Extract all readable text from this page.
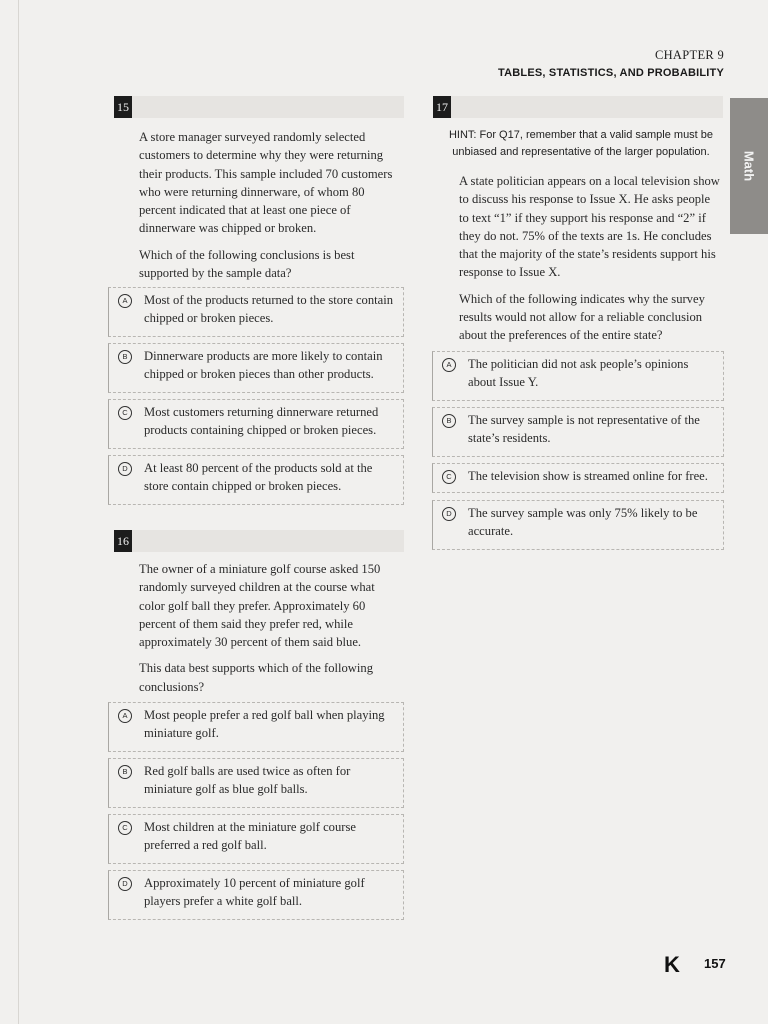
CHAPTER 9
TABLES, STATISTICS, AND PROBABILITY
Math
15

A store manager surveyed randomly selected customers to determine why they were returning their products. This sample included 70 customers who were returning dinnerware, of whom 80 percent indicated that at least one piece of dinnerware was chipped or broken.

Which of the following conclusions is best supported by the sample data?

A	Most of the products returned to the store contain chipped or broken pieces.
B	Dinnerware products are more likely to contain chipped or broken pieces than other products.
C	Most customers returning dinnerware returned products containing chipped or broken pieces.
D	At least 80 percent of the products sold at the store contain chipped or broken pieces.
16

The owner of a miniature golf course asked 150 randomly surveyed children at the course what color golf ball they prefer. Approximately 60 percent of them said they prefer red, while approximately 30 percent of them said blue.

This data best supports which of the following conclusions?

A	Most people prefer a red golf ball when playing miniature golf.
B	Red golf balls are used twice as often for miniature golf as blue golf balls.
C	Most children at the miniature golf course preferred a red golf ball.
D	Approximately 10 percent of miniature golf players prefer a white golf ball.
17
HINT: For Q17, remember that a valid sample must be unbiased and representative of the larger population.

A state politician appears on a local television show to discuss his response to Issue X. He asks people to text “1” if they support his response and “2” if they do not. 75% of the texts are 1s. He concludes that the majority of the state’s residents support his response to Issue X.

Which of the following indicates why the survey results would not allow for a reliable conclusion about the preferences of the entire state?

A	The politician did not ask people’s opinions about Issue Y.
B	The survey sample is not representative of the state’s residents.
C	The television show is streamed online for free.
D	The survey sample was only 75% likely to be accurate.
K 157
